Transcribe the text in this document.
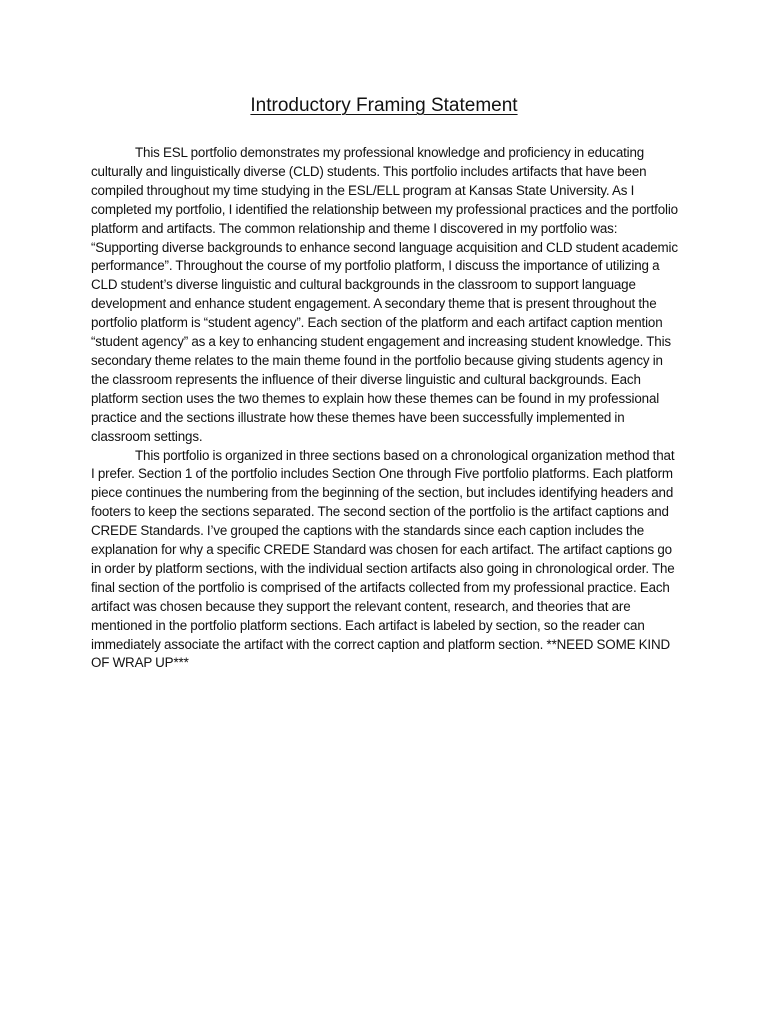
Introductory Framing Statement

This ESL portfolio demonstrates my professional knowledge and proficiency in educating culturally and linguistically diverse (CLD) students. This portfolio includes artifacts that have been compiled throughout my time studying in the ESL/ELL program at Kansas State University. As I completed my portfolio, I identified the relationship between my professional practices and the portfolio platform and artifacts. The common relationship and theme I discovered in my portfolio was: “Supporting diverse backgrounds to enhance second language acquisition and CLD student academic performance”. Throughout the course of my portfolio platform, I discuss the importance of utilizing a CLD student’s diverse linguistic and cultural backgrounds in the classroom to support language development and enhance student engagement. A secondary theme that is present throughout the portfolio platform is “student agency”. Each section of the platform and each artifact caption mention “student agency” as a key to enhancing student engagement and increasing student knowledge. This secondary theme relates to the main theme found in the portfolio because giving students agency in the classroom represents the influence of their diverse linguistic and cultural backgrounds. Each platform section uses the two themes to explain how these themes can be found in my professional practice and the sections illustrate how these themes have been successfully implemented in classroom settings.

This portfolio is organized in three sections based on a chronological organization method that I prefer. Section 1 of the portfolio includes Section One through Five portfolio platforms. Each platform piece continues the numbering from the beginning of the section, but includes identifying headers and footers to keep the sections separated. The second section of the portfolio is the artifact captions and CREDE Standards. I’ve grouped the captions with the standards since each caption includes the explanation for why a specific CREDE Standard was chosen for each artifact. The artifact captions go in order by platform sections, with the individual section artifacts also going in chronological order. The final section of the portfolio is comprised of the artifacts collected from my professional practice. Each artifact was chosen because they support the relevant content, research, and theories that are mentioned in the portfolio platform sections. Each artifact is labeled by section, so the reader can immediately associate the artifact with the correct caption and platform section. **NEED SOME KIND OF WRAP UP***
